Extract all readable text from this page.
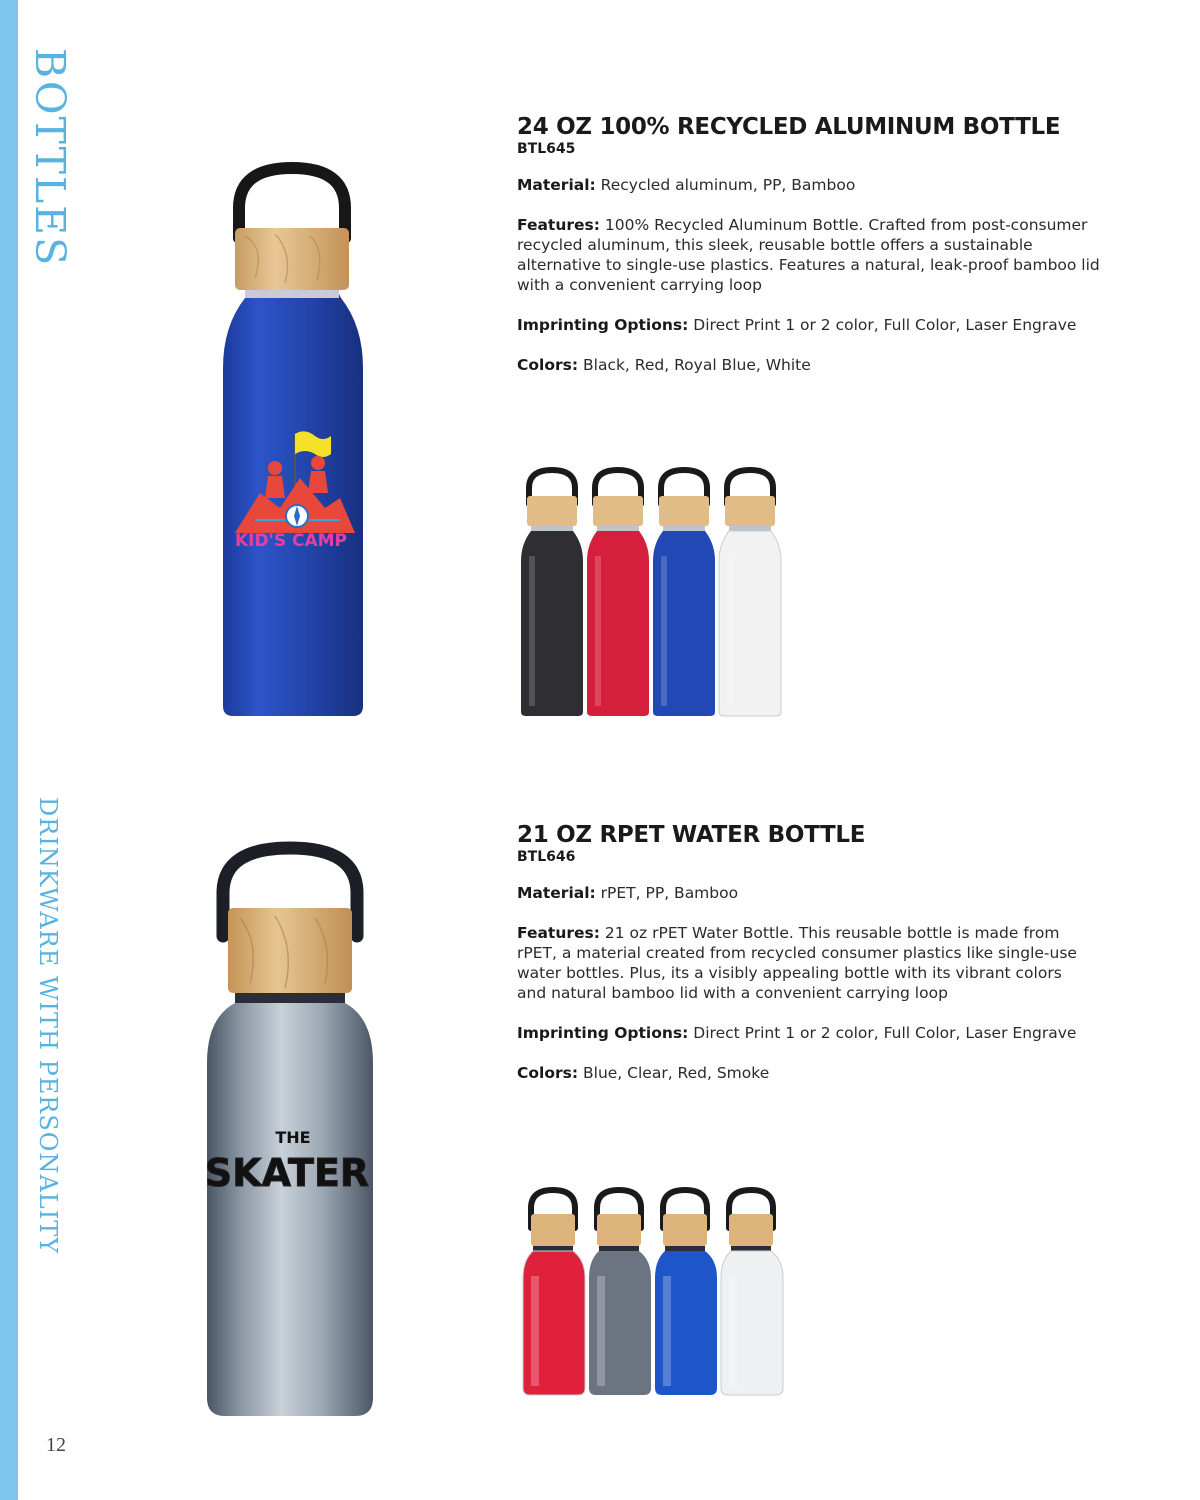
BOTTLES
DRINKWARE WITH PERSONALITY
12
KID'S CAMP
24 OZ 100% RECYCLED ALUMINUM BOTTLE
BTL645

Material: Recycled aluminum, PP, Bamboo

Features: 100% Recycled Aluminum Bottle. Crafted from post-consumer recycled aluminum, this sleek, reusable bottle offers a sustainable alternative to single-use plastics. Features a natural, leak-proof bamboo lid with a convenient carrying loop

Imprinting Options: Direct Print 1 or 2 color, Full Color, Laser Engrave

Colors: Black, Red, Royal Blue, White

THE
SKATER
21 OZ RPET WATER BOTTLE
BTL646

Material: rPET, PP, Bamboo

Features: 21 oz rPET Water Bottle. This reusable bottle is made from rPET, a material created from recycled consumer plastics like single-use water bottles. Plus, its a visibly appealing bottle with its vibrant colors and natural bamboo lid with a convenient carrying loop

Imprinting Options: Direct Print 1 or 2 color, Full Color, Laser Engrave

Colors: Blue, Clear, Red, Smoke
